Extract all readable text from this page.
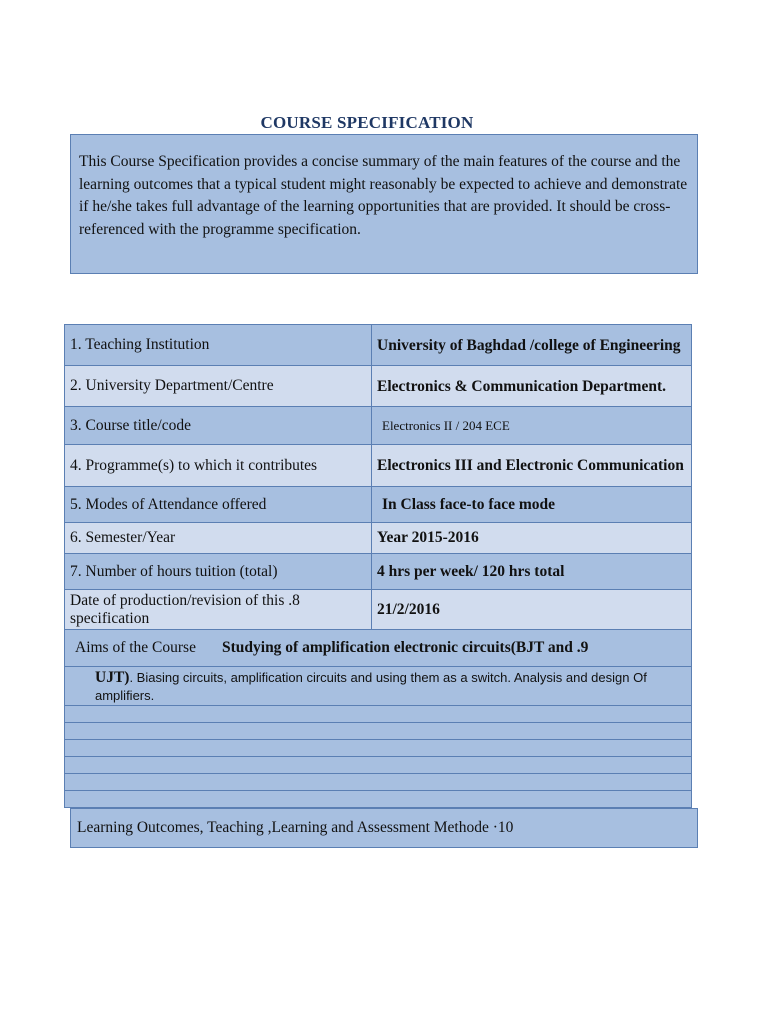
COURSE SPECIFICATION
This Course Specification provides a concise summary of the main features of the course and the learning outcomes that a typical student might reasonably be expected to achieve and demonstrate if he/she takes full advantage of the learning opportunities that are provided. It should be cross-referenced with the programme specification.
1. Teaching Institution	University of Baghdad /college of Engineering
2. University Department/Centre	Electronics & Communication Department.
3. Course title/code	Electronics II / 204 ECE
4. Programme(s) to which it contributes	Electronics III and Electronic Communication
5. Modes of Attendance offered	In Class face-to face mode
6. Semester/Year	Year 2015-2016
7. Number of hours tuition (total)	4 hrs per week/ 120 hrs total
Date of production/revision of this .8 specification	21/2/2016

Aims of the Course Studying of amplification electronic circuits(BJT and .9	

UJT). Biasing circuits, amplification circuits and using them as a switch. Analysis and design Of amplifiers.	

Learning Outcomes, Teaching ,Learning and Assessment Methode ·10
